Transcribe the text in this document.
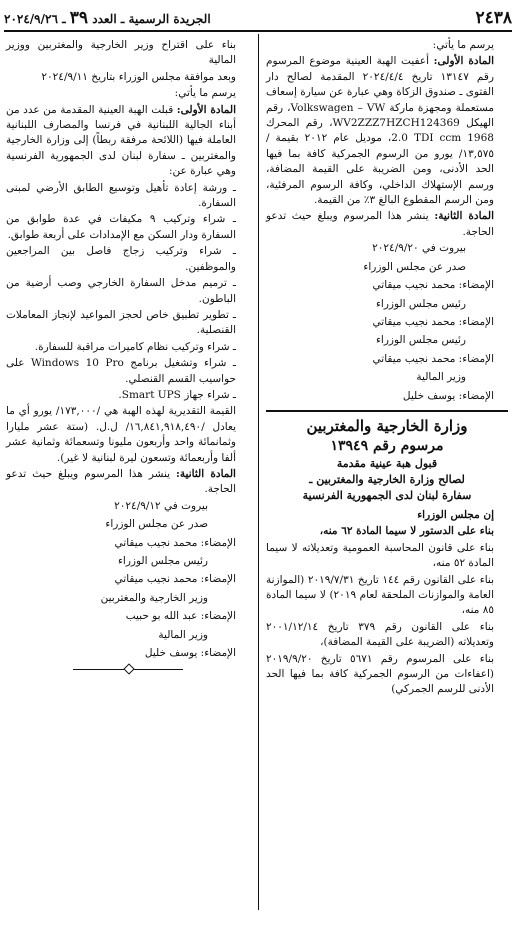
٢٤٣٨
الجريدة الرسمية ـ العدد ٣٩ ـ ٢٠٢٤/٩/٢٦

يرسم ما يأتي:

المادة الأولى: أعفيت الهبة العينية موضوع المرسوم رقم ١٣١٤٧ تاريخ ٢٠٢٤/٤/٤ المقدمة لصالح دار الفتوى ـ صندوق الزكاة وهي عبارة عن سيارة إسعاف مستعملة ومجهزة ماركة Volkswagen – VW، رقم الهيكل WV2ZZZ7HZCH124369، رقم المحرك 2.0 TDI ccm 1968، موديل عام ٢٠١٢ بقيمة /١٣,٥٧٥/ يورو من الرسوم الجمركية كافة بما فيها الحد الأدنى، ومن الضريبة على القيمة المضافة، ورسم الإستهلاك الداخلي، وكافة الرسوم المرفئية، ومن الرسم المقطوع البالغ ٣٪ من القيمة.

المادة الثانية: ينشر هذا المرسوم ويبلغ حيث تدعو الحاجة.

بيروت في ٢٠٢٤/٩/٢٠

صدر عن مجلس الوزراء

الإمضاء: محمد نجيب ميقاتي

رئيس مجلس الوزراء

الإمضاء: محمد نجيب ميقاتي

رئيس مجلس الوزراء

الإمضاء: محمد نجيب ميقاتي

وزير المالية

الإمضاء: يوسف خليل

وزارة الخارجية والمغتربين
مرسوم رقم ١٣٩٤٩
قبول هبة عينية مقدمة
لصالح وزارة الخارجية والمغتربين ـ
سفارة لبنان لدى الجمهورية الفرنسية

إن مجلس الوزراء

بناء على الدستور لا سيما المادة ٦٢ منه،

بناء على قانون المحاسبة العمومية وتعديلاته لا سيما المادة ٥٢ منه،

بناء على القانون رقم ١٤٤ تاريخ ٢٠١٩/٧/٣١ (الموازنة العامة والموازنات الملحقة لعام ٢٠١٩) لا سيما المادة ٨٥ منه،

بناء على القانون رقم ٣٧٩ تاريخ ٢٠٠١/١٢/١٤ وتعديلاته (الضريبة على القيمة المضافة)،

بناء على المرسوم رقم ٥٦٧١ تاريخ ٢٠١٩/٩/٢٠ (اعفاءات من الرسوم الجمركية كافة بما فيها الحد الأدنى للرسم الجمركي)

بناء على اقتراح وزير الخارجية والمغتربين ووزير المالية

وبعد موافقة مجلس الوزراء بتاريخ ٢٠٢٤/٩/١١

يرسم ما يأتي:

المادة الأولى: قبلت الهبة العينية المقدمة من عدد من أبناء الجالية اللبنانية في فرنسا والمصارف اللبنانية العاملة فيها (اللائحة مرفقة ربطاً) إلى وزارة الخارجية والمغتربين ـ سفارة لبنان لدى الجمهورية الفرنسية وهي عبارة عن:

ـ ورشة إعادة تأهيل وتوسيع الطابق الأرضي لمبنى السفارة.

ـ شراء وتركيب ٩ مكيفات في عدة طوابق من السفارة ودار السكن مع الإمدادات على أربعة طوابق.

ـ شراء وتركيب زجاج فاصل بين المراجعين والموظفين.

ـ ترميم مدخل السفارة الخارجي وصب أرضية من الباطون.

ـ تطوير تطبيق خاص لحجز المواعيد لإنجاز المعاملات القنصلية.

ـ شراء وتركيب نظام كاميرات مراقبة للسفارة.

ـ شراء وتشغيل برنامج Windows 10 Pro على حواسيب القسم القنصلي.

ـ شراء جهاز Smart UPS.

القيمة التقديرية لهذه الهبة هي /١٧٣,٠٠٠/ يورو أي ما يعادل /١٦,٨٤١,٩١٨,٤٩٠/ ل.ل. (ستة عشر مليارا وثمانمائة واحد وأربعون مليونا وتسعمائة وثمانية عشر ألفا وأربعمائة وتسعون ليرة لبنانية لا غير).

المادة الثانية: ينشر هذا المرسوم ويبلغ حيث تدعو الحاجة.

بيروت في ٢٠٢٤/٩/١٢

صدر عن مجلس الوزراء

الإمضاء: محمد نجيب ميقاتي

رئيس مجلس الوزراء

الإمضاء: محمد نجيب ميقاتي

وزير الخارجية والمغتربين

الإمضاء: عبد الله بو حبيب

وزير المالية

الإمضاء: يوسف خليل
